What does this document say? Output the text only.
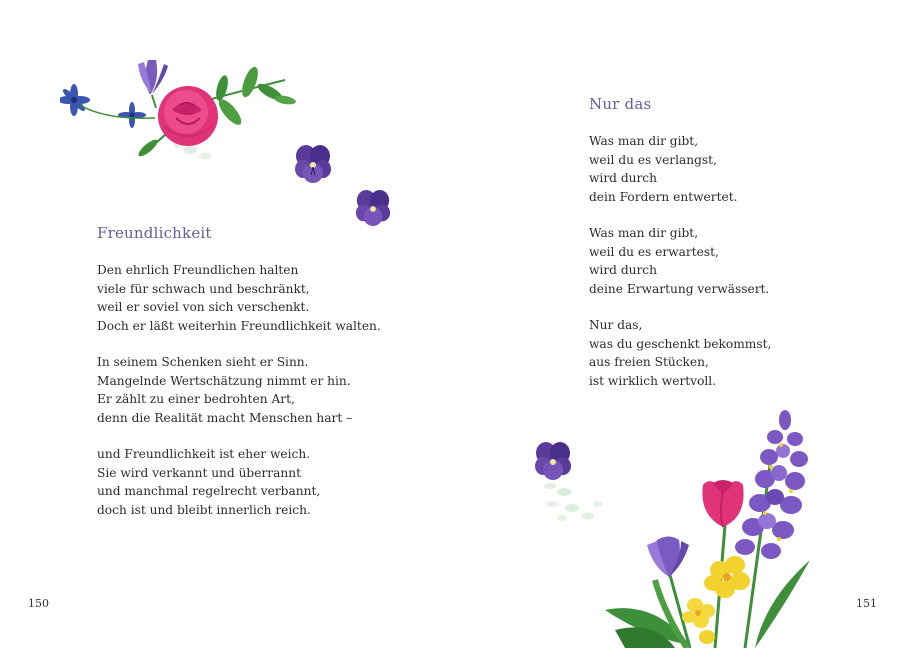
Freundlichkeit
Den ehrlich Freundlichen halten
viele für schwach und beschränkt,
weil er soviel von sich verschenkt.
Doch er läßt weiterhin Freundlichkeit walten.
In seinem Schenken sieht er Sinn.
Mangelnde Wertschätzung nimmt er hin.
Er zählt zu einer bedrohten Art,
denn die Realität macht Menschen hart –
und Freundlichkeit ist eher weich.
Sie wird verkannt und überrannt
und manchmal regelrecht verbannt,
doch ist und bleibt innerlich reich.
150
Nur das
Was man dir gibt,
weil du es verlangst,
wird durch
dein Fordern entwertet.
Was man dir gibt,
weil du es erwartest,
wird durch
deine Erwartung verwässert.
Nur das,
was du geschenkt bekommst,
aus freien Stücken,
ist wirklich wertvoll.
151
